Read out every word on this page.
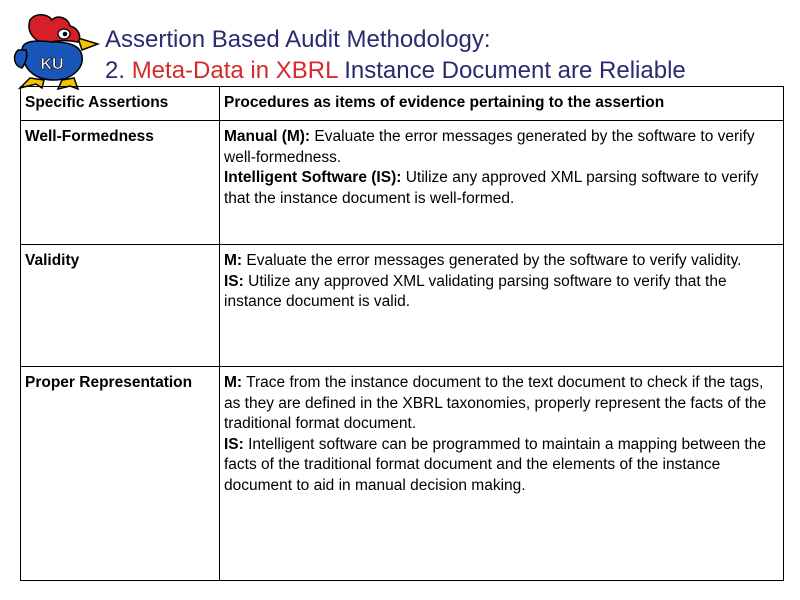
KU
Assertion Based Audit Methodology:
2. Meta-Data in XBRL Instance Document are Reliable
Specific Assertions	Procedures as items of evidence pertaining to the assertion
Well-Formedness	Manual (M): Evaluate the error messages generated by the software to verify well-formedness.
Intelligent Software (IS): Utilize any approved XML parsing software to verify that the instance document is well-formed.
Validity	M: Evaluate the error messages generated by the software to verify validity.
IS: Utilize any approved XML validating parsing software to verify that the instance document is valid.
Proper Representation	M: Trace from the instance document to the text document to check if the tags, as they are defined in the XBRL taxonomies, properly represent the facts of the traditional format document.
IS: Intelligent software can be programmed to maintain a mapping between the facts of the traditional format document and the elements of the instance document to aid in manual decision making.
